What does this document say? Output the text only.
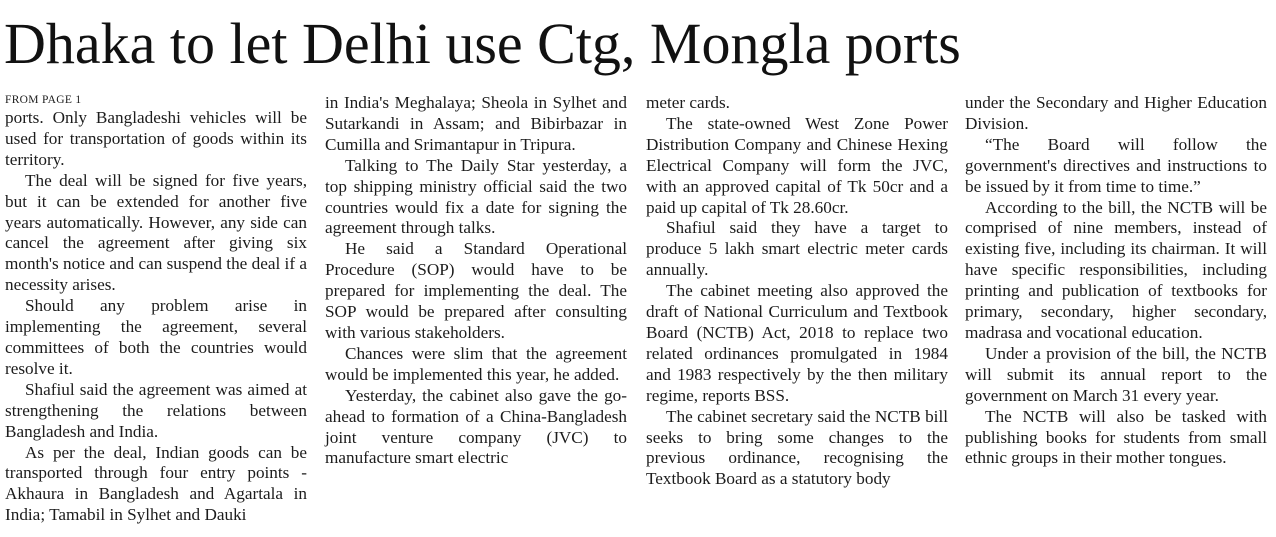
Dhaka to let Delhi use Ctg, Mongla ports
FROM PAGE 1

ports. Only Bangladeshi vehicles will be used for transportation of goods within its territory.

The deal will be signed for five years, but it can be extended for another five years automatically. However, any side can cancel the agreement after giving six month's notice and can suspend the deal if a necessity arises.

Should any problem arise in implementing the agreement, several committees of both the countries would resolve it.

Shafiul said the agreement was aimed at strengthening the relations between Bangladesh and India.

As per the deal, Indian goods can be transported through four entry points - Akhaura in Bangladesh and Agartala in India; Tamabil in Sylhet and Dauki

in India's Meghalaya; Sheola in Sylhet and Sutarkandi in Assam; and Bibirbazar in Cumilla and Srimantapur in Tripura.

Talking to The Daily Star yesterday, a top shipping ministry official said the two countries would fix a date for signing the agreement through talks.

He said a Standard Operational Procedure (SOP) would have to be prepared for implementing the deal. The SOP would be prepared after consulting with various stakeholders.

Chances were slim that the agreement would be implemented this year, he added.

Yesterday, the cabinet also gave the go-ahead to formation of a China-Bangladesh joint venture company (JVC) to manufacture smart electric

meter cards.

The state-owned West Zone Power Distribution Company and Chinese Hexing Electrical Company will form the JVC, with an approved capital of Tk 50cr and a paid up capital of Tk 28.60cr.

Shafiul said they have a target to produce 5 lakh smart electric meter cards annually.

The cabinet meeting also approved the draft of National Curriculum and Textbook Board (NCTB) Act, 2018 to replace two related ordinances promulgated in 1984 and 1983 respectively by the then military regime, reports BSS.

The cabinet secretary said the NCTB bill seeks to bring some changes to the previous ordinance, recognising the Textbook Board as a statutory body

under the Secondary and Higher Education Division.

“The Board will follow the government's directives and instructions to be issued by it from time to time.”

According to the bill, the NCTB will be comprised of nine members, instead of existing five, including its chairman. It will have specific responsibilities, including printing and publication of textbooks for primary, secondary, higher secondary, madrasa and vocational education.

Under a provision of the bill, the NCTB will submit its annual report to the government on March 31 every year.

The NCTB will also be tasked with publishing books for students from small ethnic groups in their mother tongues.
